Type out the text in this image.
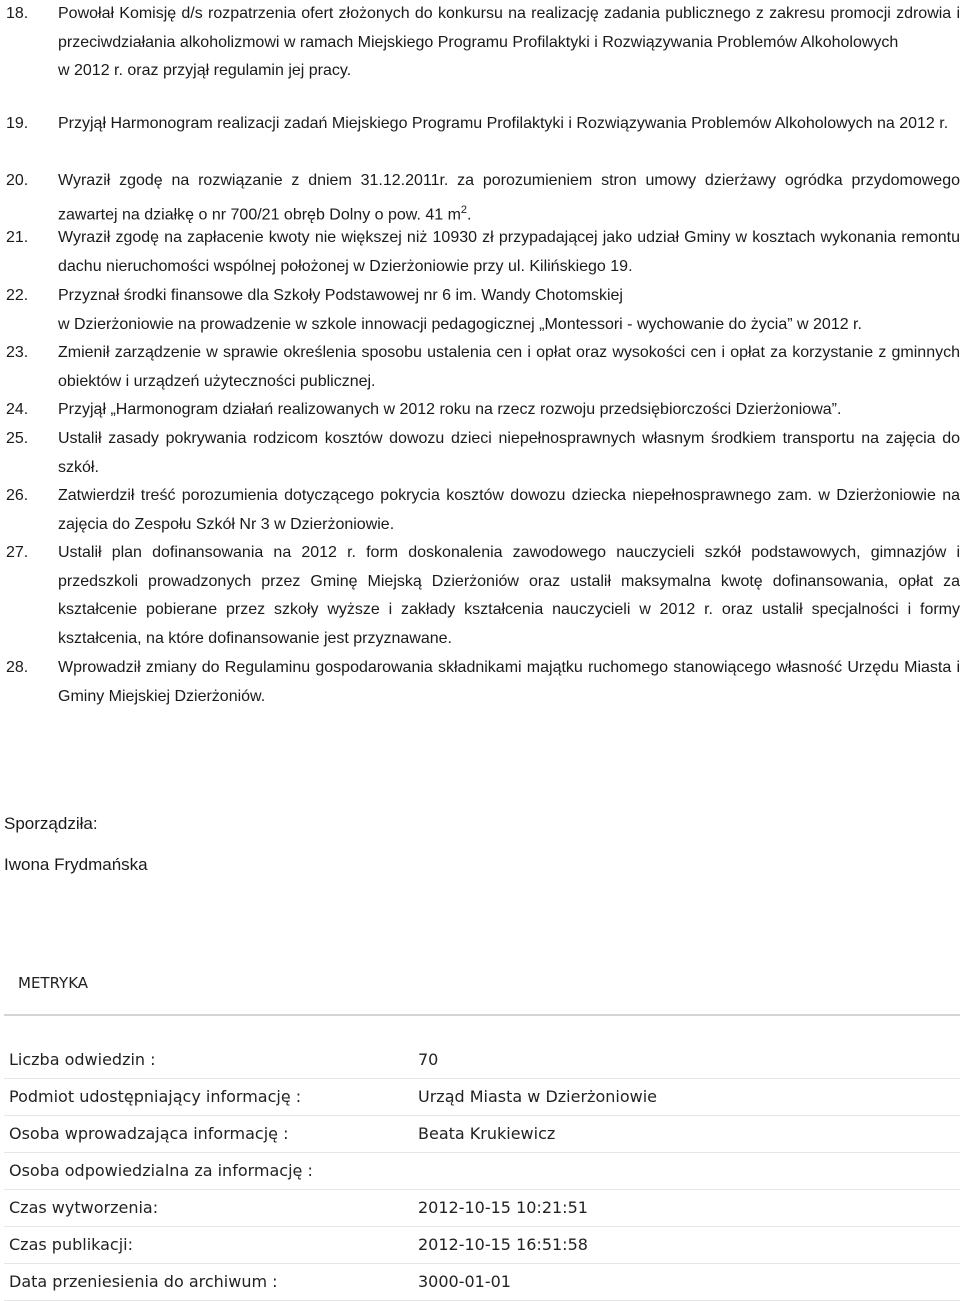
18. Powołał Komisję d/s rozpatrzenia ofert złożonych do konkursu na realizację zadania publicznego z zakresu promocji zdrowia i przeciwdziałania alkoholizmowi w ramach Miejskiego Programu Profilaktyki i Rozwiązywania Problemów Alkoholowych

w 2012 r. oraz przyjął regulamin jej pracy.

19. Przyjął Harmonogram realizacji zadań Miejskiego Programu Profilaktyki i Rozwiązywania Problemów Alkoholowych na 2012 r.

20. Wyraził zgodę na rozwiązanie z dniem 31.12.2011r. za porozumieniem stron umowy dzierżawy ogródka przydomowego zawartej na działkę o nr 700/21 obręb Dolny o pow. 41 $m^2$.

21. Wyraził zgodę na zapłacenie kwoty nie większej niż 10930 zł przypadającej jako udział Gminy w kosztach wykonania remontu dachu nieruchomości wspólnej położonej w Dzierżoniowie przy ul. Kilińskiego 19.

22. Przyznał środki finansowe dla Szkoły Podstawowej nr 6 im. Wandy Chotomskiej

w Dzierżoniowie na prowadzenie w szkole innowacji pedagogicznej „Montessori - wychowanie do życia” w 2012 r.

23. Zmienił zarządzenie w sprawie określenia sposobu ustalenia cen i opłat oraz wysokości cen i opłat za korzystanie z gminnych obiektów i urządzeń użyteczności publicznej.

24. Przyjął „Harmonogram działań realizowanych w 2012 roku na rzecz rozwoju przedsiębiorczości Dzierżoniowa”.

25. Ustalił zasady pokrywania rodzicom kosztów dowozu dzieci niepełnosprawnych własnym środkiem transportu na zajęcia do szkół.

26. Zatwierdził treść porozumienia dotyczącego pokrycia kosztów dowozu dziecka niepełnosprawnego zam. w Dzierżoniowie na zajęcia do Zespołu Szkół Nr 3 w Dzierżoniowie.

27. Ustalił plan dofinansowania na 2012 r. form doskonalenia zawodowego nauczycieli szkół podstawowych, gimnazjów i przedszkoli prowadzonych przez Gminę Miejską Dzierżoniów oraz ustalił maksymalna kwotę dofinansowania, opłat za kształcenie pobierane przez szkoły wyższe i zakłady kształcenia nauczycieli w 2012 r. oraz ustalił specjalności i formy kształcenia, na które dofinansowanie jest przyznawane.

28. Wprowadził zmiany do Regulaminu gospodarowania składnikami majątku ruchomego stanowiącego własność Urzędu Miasta i Gminy Miejskiej Dzierżoniów.

Sporządziła:
Iwona Frydmańska
METRYKA
Liczba odwiedzin :	70
Podmiot udostępniający informację :	Urząd Miasta w Dzierżoniowie
Osoba wprowadzająca informację :	Beata Krukiewicz
Osoba odpowiedzialna za informację :
Czas wytworzenia:	2012-10-15 10:21:51
Czas publikacji:	2012-10-15 16:51:58
Data przeniesienia do archiwum :	3000-01-01
